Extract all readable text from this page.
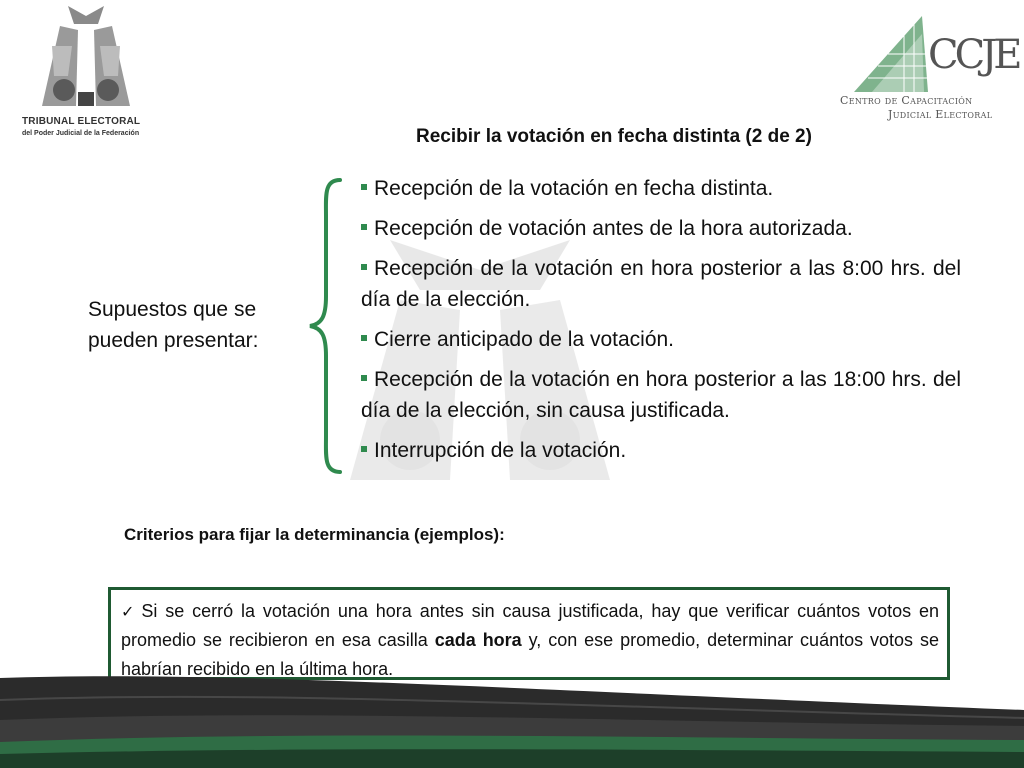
TRIBUNAL ELECTORAL
del Poder Judicial de la Federación
CCJE
Centro de Capacitación
Judicial Electoral
Recibir la votación en fecha distinta (2 de 2)
Supuestos que se pueden presentar:
Recepción de la votación en fecha distinta.
Recepción de votación antes de la hora autorizada.
Recepción de la votación en hora posterior a las 8:00 hrs. del día de la elección.
Cierre anticipado de la votación.
Recepción de la votación en hora posterior a las 18:00 hrs. del día de la elección, sin causa justificada.
Interrupción de la votación.
Criterios para fijar la determinancia (ejemplos):
✓ Si se cerró la votación una hora antes sin causa justificada, hay que verificar cuántos votos en promedio se recibieron en esa casilla cada hora y, con ese promedio, determinar cuántos votos se habrían recibido en la última hora.
